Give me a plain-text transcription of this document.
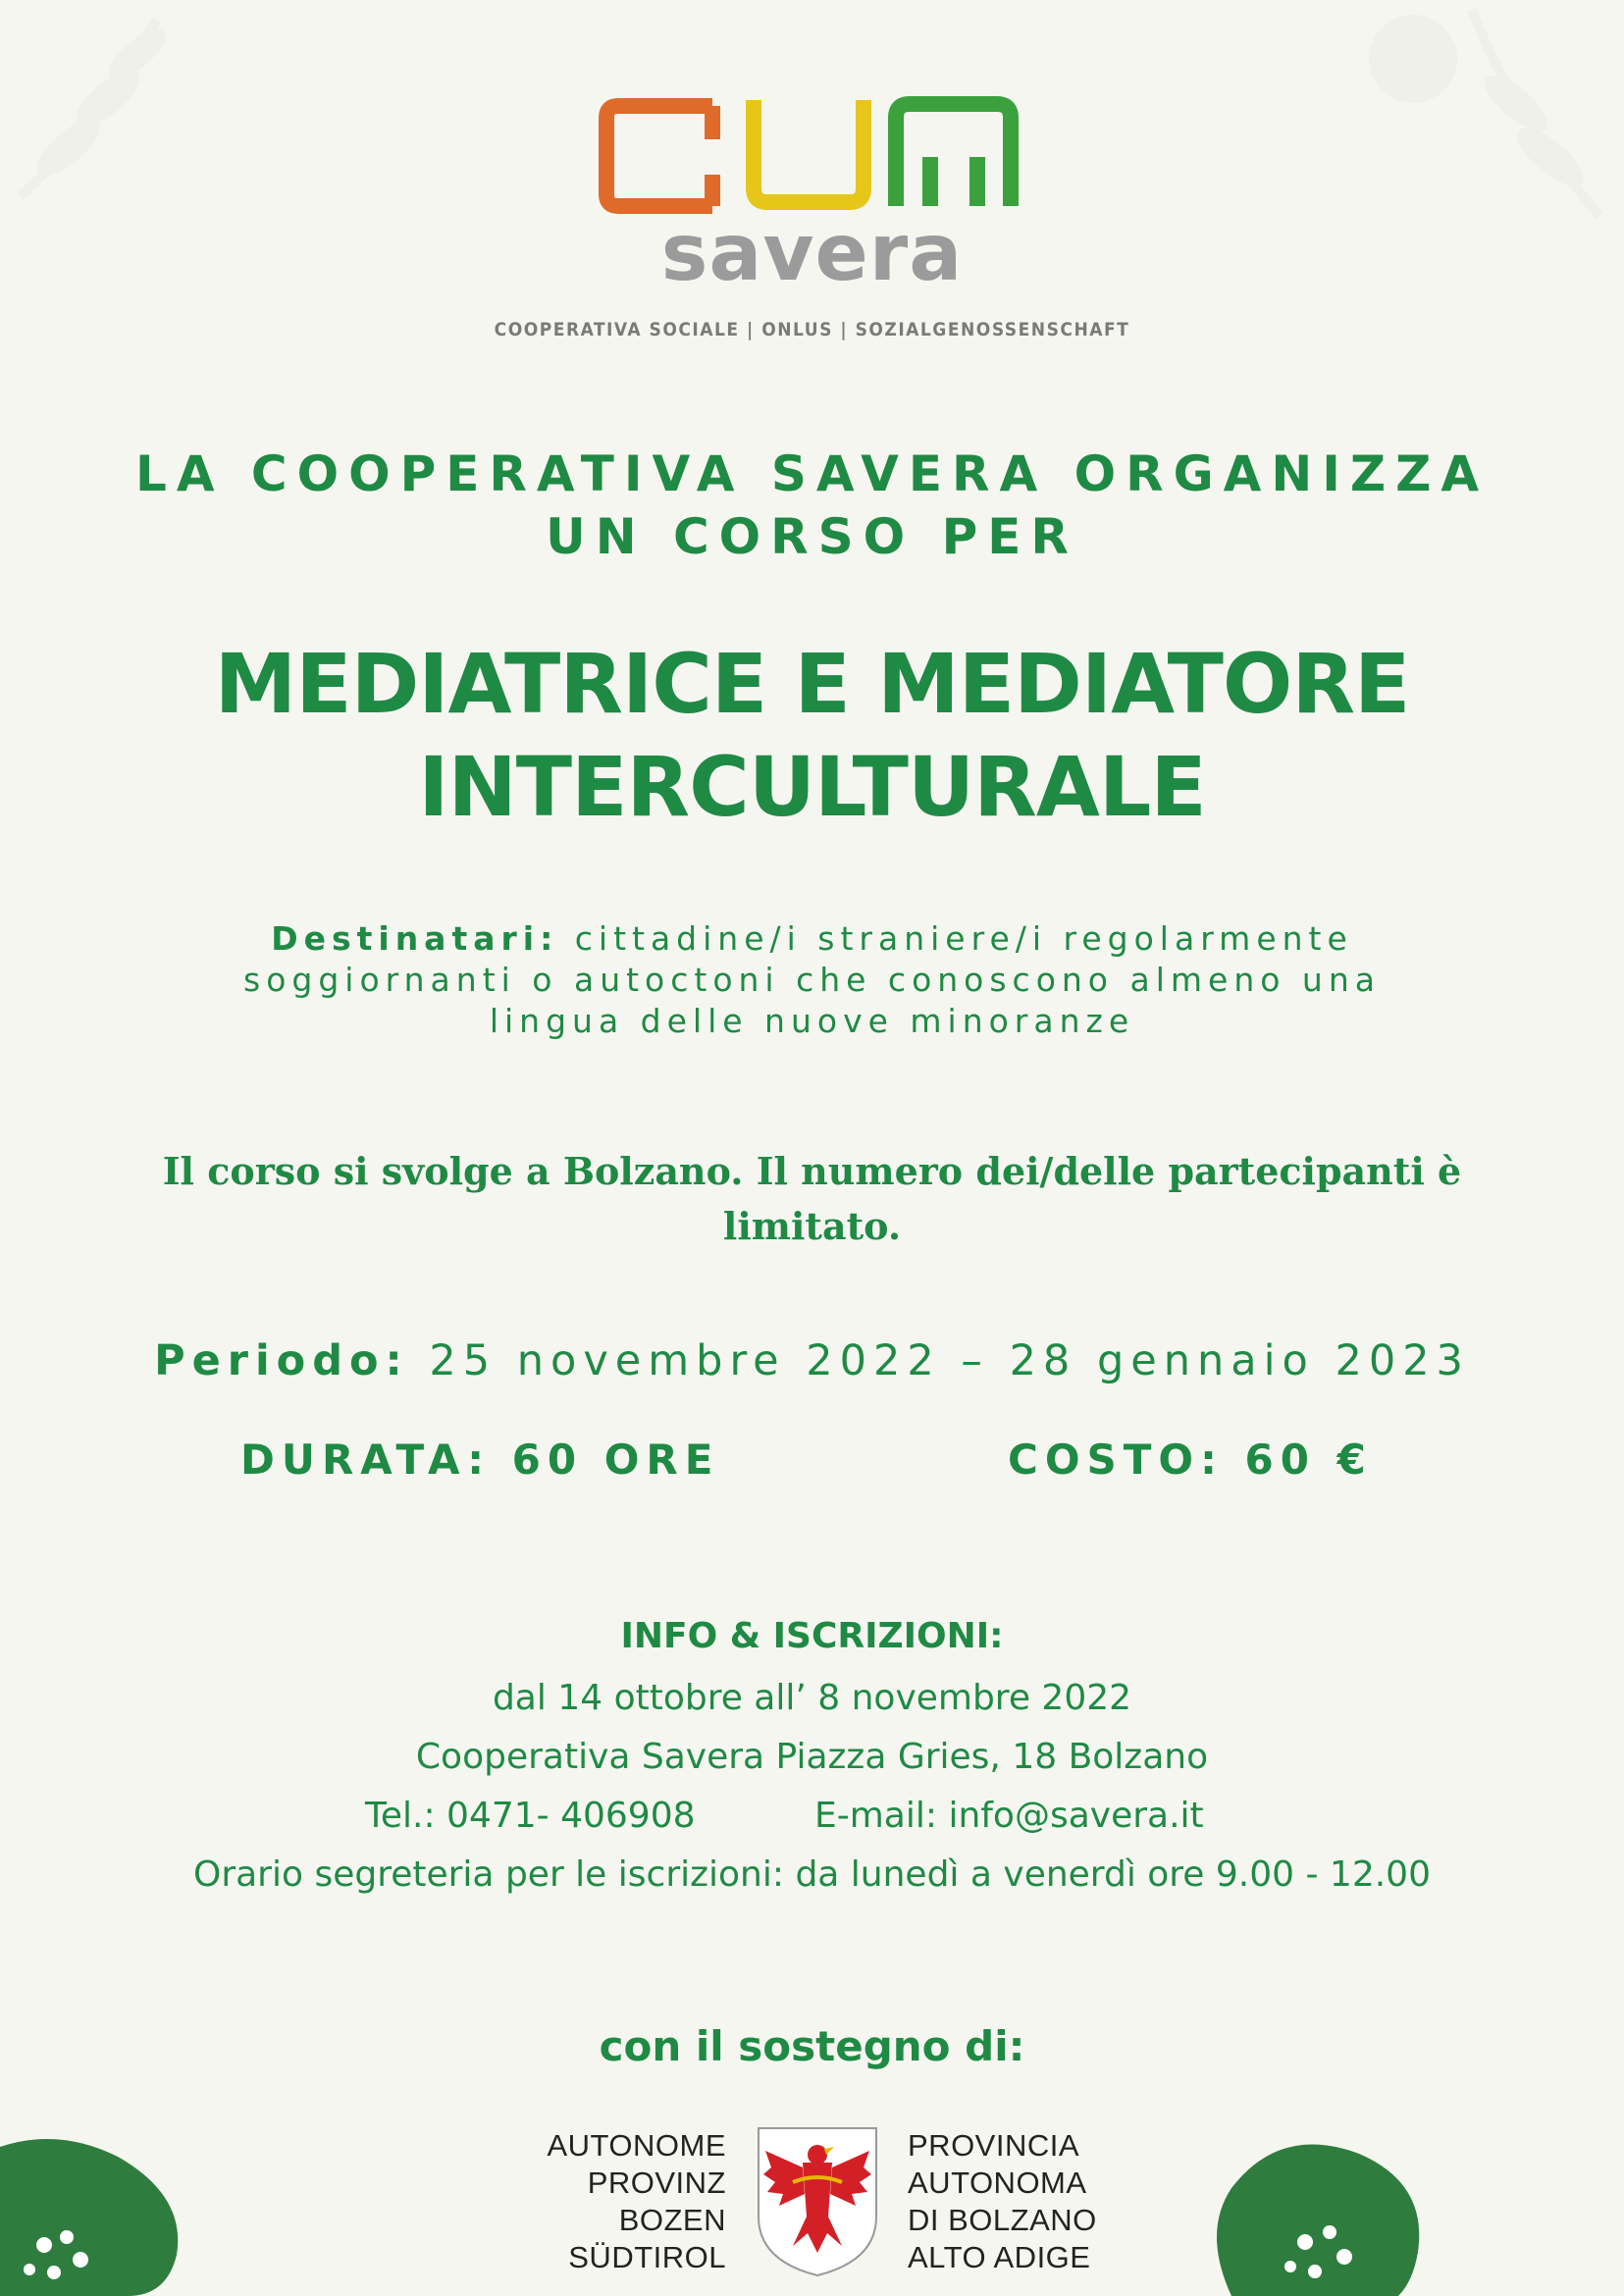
savera
COOPERATIVA SOCIALE | ONLUS | SOZIALGENOSSENSCHAFT
LA COOPERATIVA SAVERA ORGANIZZA
UN CORSO PER
MEDIATRICE E MEDIATORE
INTERCULTURALE
Destinatari: cittadine/i straniere/i regolarmente
soggiornanti o autoctoni che conoscono almeno una
lingua delle nuove minoranze
Il corso si svolge a Bolzano. Il numero dei/delle partecipanti è
limitato.
Periodo: 25 novembre 2022 – 28 gennaio 2023
DURATA: 60 ORE	COSTO: 60 €
INFO & ISCRIZIONI:
dal 14 ottobre all’ 8 novembre 2022
Cooperativa Savera Piazza Gries, 18 Bolzano
Tel.: 0471- 406908	E-mail: info@savera.it
Orario segreteria per le iscrizioni: da lunedì a venerdì ore 9.00 - 12.00
con il sostegno di:
AUTONOME
PROVINZ
BOZEN
SÜDTIROL
PROVINCIA
AUTONOMA
DI BOLZANO
ALTO ADIGE
